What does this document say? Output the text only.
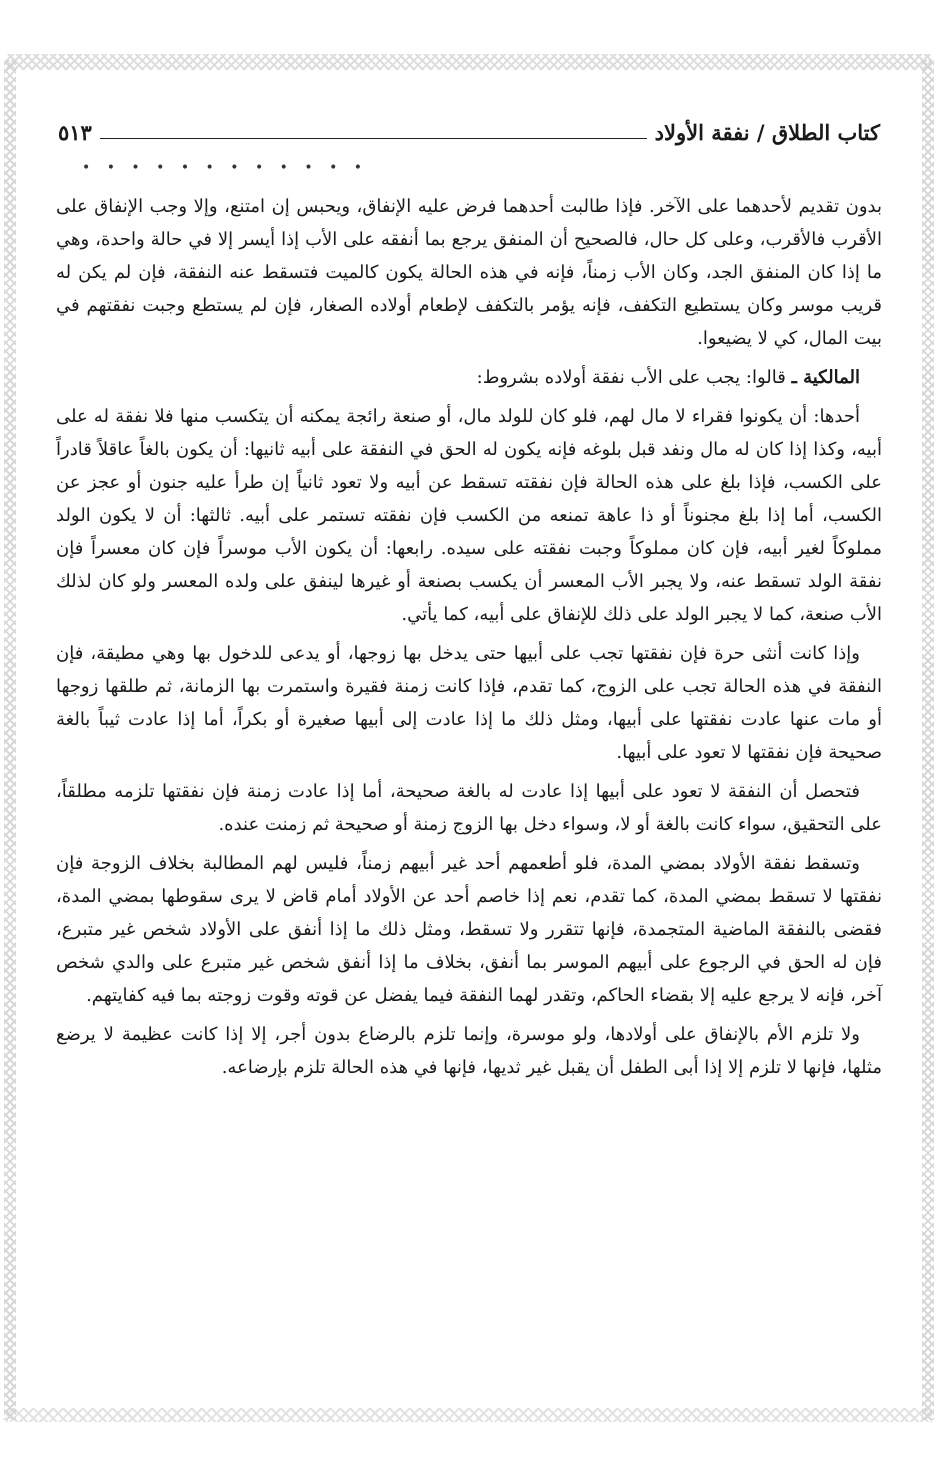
كتاب الطلاق / نفقة الأولاد
٥١٣
• • • • • • • • • • • •

بدون تقديم لأحدهما على الآخر. فإذا طالبت أحدهما فرض عليه الإنفاق، ويحبس إن امتنع، وإلا وجب الإنفاق على الأقرب فالأقرب، وعلى كل حال، فالصحيح أن المنفق يرجع بما أنفقه على الأب إذا أيسر إلا في حالة واحدة، وهي ما إذا كان المنفق الجد، وكان الأب زمناً، فإنه في هذه الحالة يكون كالميت فتسقط عنه النفقة، فإن لم يكن له قريب موسر وكان يستطيع التكفف، فإنه يؤمر بالتكفف لإطعام أولاده الصغار، فإن لم يستطع وجبت نفقتهم في بيت المال، كي لا يضيعوا.

المالكية ـ قالوا: يجب على الأب نفقة أولاده بشروط:

أحدها: أن يكونوا فقراء لا مال لهم، فلو كان للولد مال، أو صنعة رائجة يمكنه أن يتكسب منها فلا نفقة له على أبيه، وكذا إذا كان له مال ونفد قبل بلوغه فإنه يكون له الحق في النفقة على أبيه ثانيها: أن يكون بالغاً عاقلاً قادراً على الكسب، فإذا بلغ على هذه الحالة فإن نفقته تسقط عن أبيه ولا تعود ثانياً إن طرأ عليه جنون أو عجز عن الكسب، أما إذا بلغ مجنوناً أو ذا عاهة تمنعه من الكسب فإن نفقته تستمر على أبيه. ثالثها: أن لا يكون الولد مملوكاً لغير أبيه، فإن كان مملوكاً وجبت نفقته على سيده. رابعها: أن يكون الأب موسراً فإن كان معسراً فإن نفقة الولد تسقط عنه، ولا يجبر الأب المعسر أن يكسب بصنعة أو غيرها لينفق على ولده المعسر ولو كان لذلك الأب صنعة، كما لا يجبر الولد على ذلك للإنفاق على أبيه، كما يأتي.

وإذا كانت أنثى حرة فإن نفقتها تجب على أبيها حتى يدخل بها زوجها، أو يدعى للدخول بها وهي مطيقة، فإن النفقة في هذه الحالة تجب على الزوج، كما تقدم، فإذا كانت زمنة فقيرة واستمرت بها الزمانة، ثم طلقها زوجها أو مات عنها عادت نفقتها على أبيها، ومثل ذلك ما إذا عادت إلى أبيها صغيرة أو بكراً، أما إذا عادت ثيباً بالغة صحيحة فإن نفقتها لا تعود على أبيها.

فتحصل أن النفقة لا تعود على أبيها إذا عادت له بالغة صحيحة، أما إذا عادت زمنة فإن نفقتها تلزمه مطلقاً، على التحقيق، سواء كانت بالغة أو لا، وسواء دخل بها الزوج زمنة أو صحيحة ثم زمنت عنده.

وتسقط نفقة الأولاد بمضي المدة، فلو أطعمهم أحد غير أبيهم زمناً، فليس لهم المطالبة بخلاف الزوجة فإن نفقتها لا تسقط بمضي المدة، كما تقدم، نعم إذا خاصم أحد عن الأولاد أمام قاض لا يرى سقوطها بمضي المدة، فقضى بالنفقة الماضية المتجمدة، فإنها تتقرر ولا تسقط، ومثل ذلك ما إذا أنفق على الأولاد شخص غير متبرع، فإن له الحق في الرجوع على أبيهم الموسر بما أنفق، بخلاف ما إذا أنفق شخص غير متبرع على والدي شخص آخر، فإنه لا يرجع عليه إلا بقضاء الحاكم، وتقدر لهما النفقة فيما يفضل عن قوته وقوت زوجته بما فيه كفايتهم.

ولا تلزم الأم بالإنفاق على أولادها، ولو موسرة، وإنما تلزم بالرضاع بدون أجر، إلا إذا كانت عظيمة لا يرضع مثلها، فإنها لا تلزم إلا إذا أبى الطفل أن يقبل غير ثديها، فإنها في هذه الحالة تلزم بإرضاعه.
